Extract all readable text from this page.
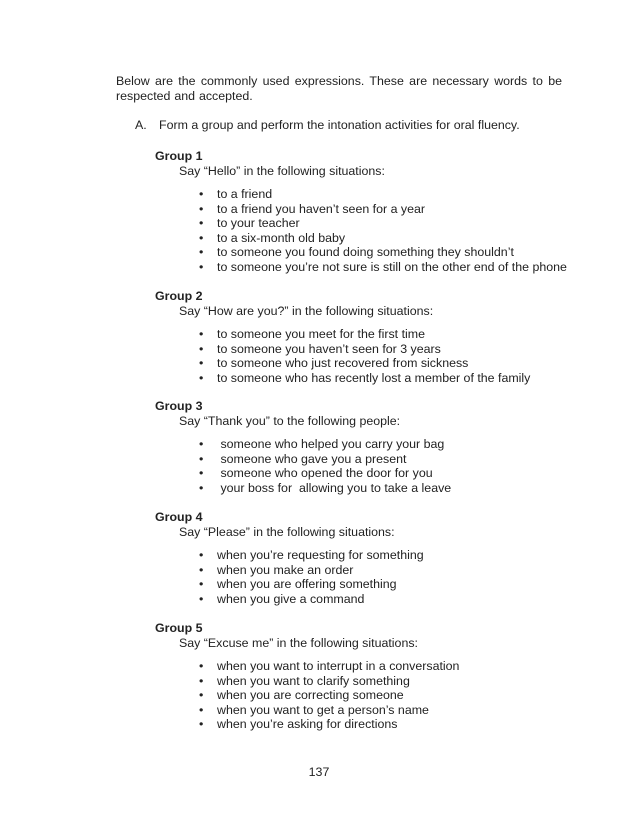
Below are the commonly used expressions. These are necessary words to be respected and accepted.

A. Form a group and perform the intonation activities for oral fluency.

Group 1

Say “Hello” in the following situations:

• to a friend
• to a friend you haven’t seen for a year
• to your teacher
• to a six-month old baby
• to someone you found doing something they shouldn’t
• to someone you’re not sure is still on the other end of the phone

Group 2

Say “How are you?” in the following situations:

• to someone you meet for the first time
• to someone you haven’t seen for 3 years
• to someone who just recovered from sickness
• to someone who has recently lost a member of the family

Group 3

Say “Thank you” to the following people:

• someone who helped you carry your bag
• someone who gave you a present
• someone who opened the door for you
• your boss for  allowing you to take a leave

Group 4

Say “Please” in the following situations:

• when you’re requesting for something
• when you make an order
• when you are offering something
• when you give a command

Group 5

Say “Excuse me” in the following situations:

• when you want to interrupt in a conversation
• when you want to clarify something
• when you are correcting someone
• when you want to get a person’s name
• when you’re asking for directions

137
